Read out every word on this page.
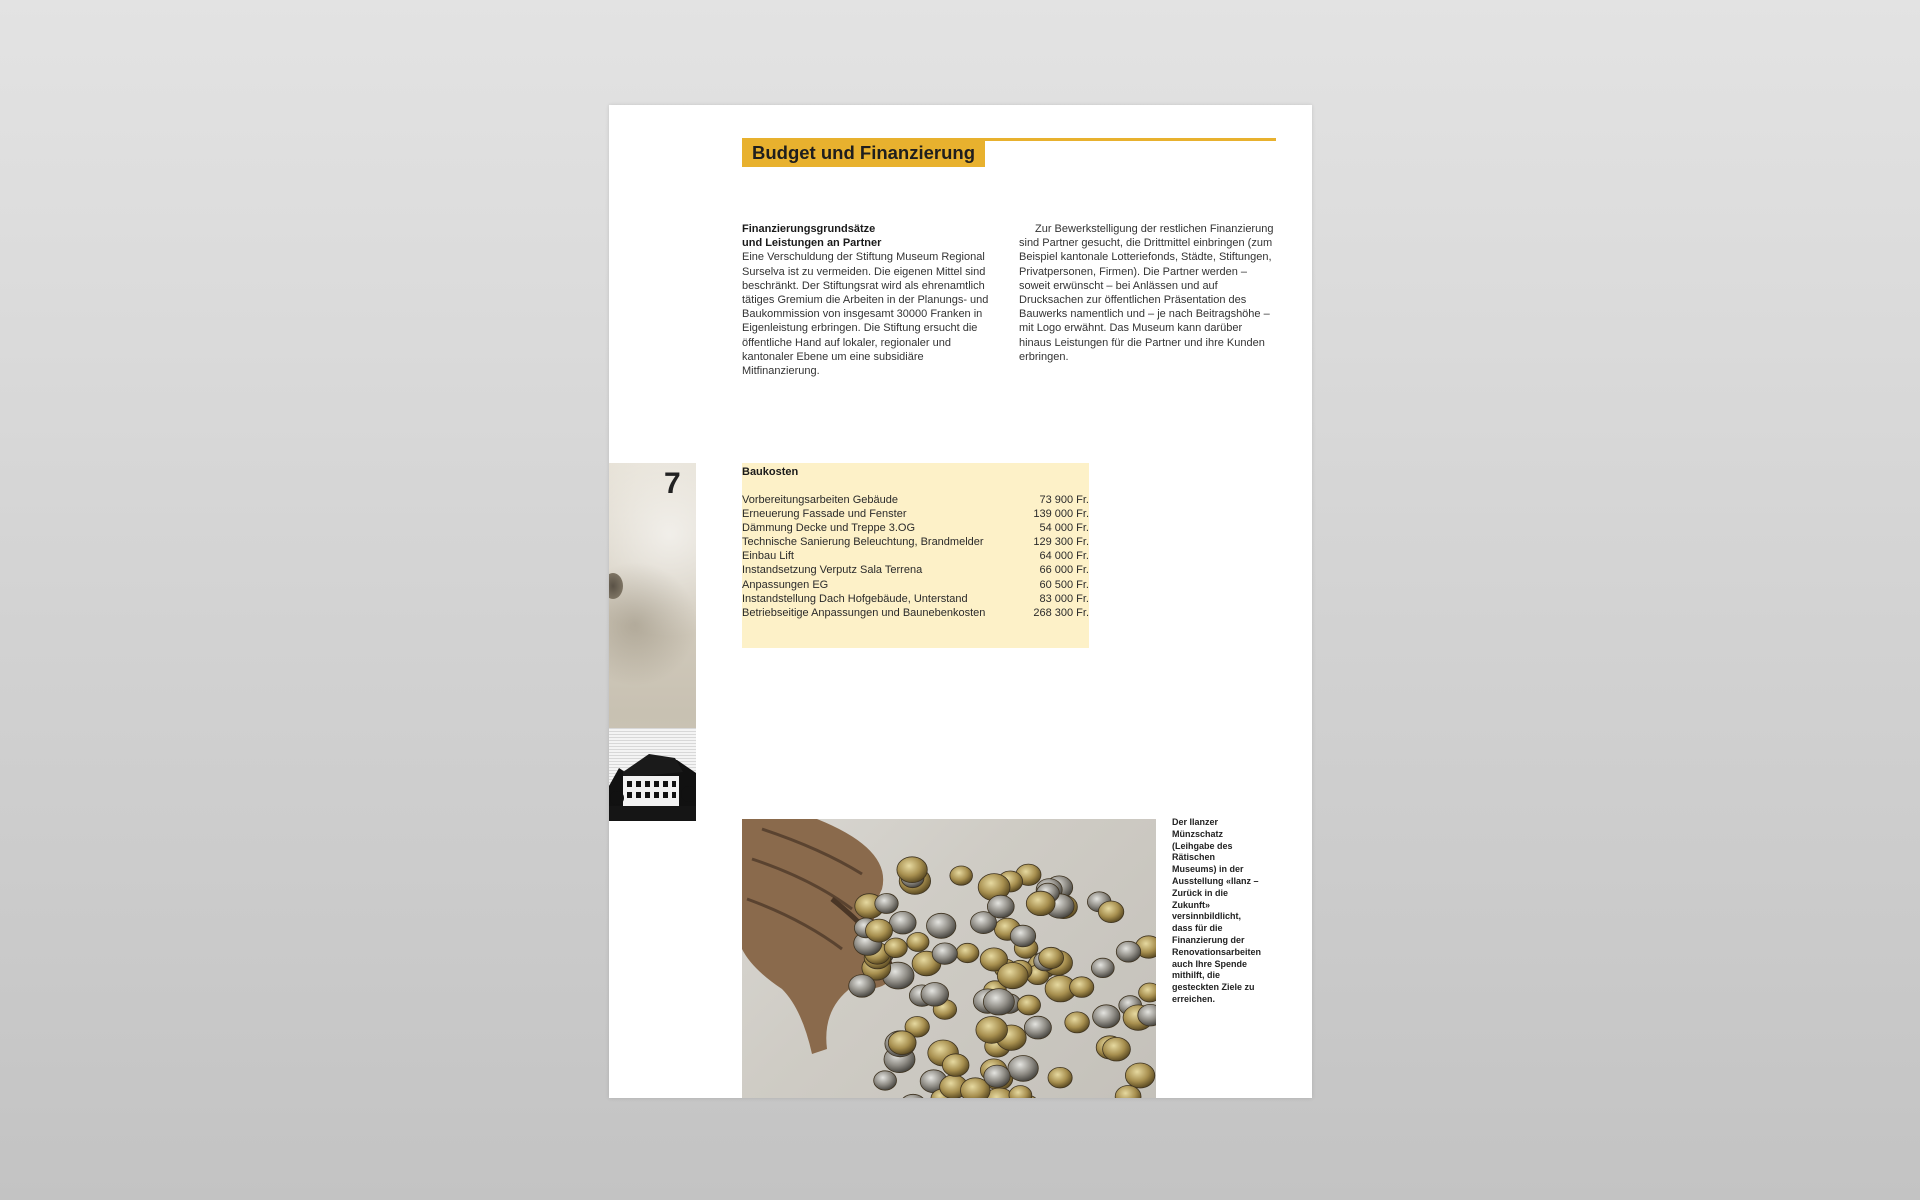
Budget und Finanzierung
Finanzierungsgrundsätze
und Leistungen an Partner
Eine Verschuldung der Stiftung Museum Regional Surselva ist zu vermeiden. Die eigenen Mittel sind beschränkt. Der Stiftungsrat wird als ehrenamtlich tätiges Gremium die Arbeiten in der Planungs- und Baukommission von insgesamt 30000 Franken in Eigenleistung erbringen. Die Stiftung ersucht die öffentliche Hand auf lokaler, regionaler und kantonaler Ebene um eine subsidiäre Mitfinanzierung.
Zur Bewerkstelligung der restlichen Finanzierung sind Partner gesucht, die Drittmittel einbringen (zum Beispiel kantonale Lotteriefonds, Städte, Stiftungen, Privatpersonen, Firmen). Die Partner werden – soweit erwünscht – bei Anlässen und auf Drucksachen zur öffentlichen Präsentation des Bauwerks namentlich und – je nach Beitragshöhe – mit Logo erwähnt. Das Museum kann darüber hinaus Leistungen für die Partner und ihre Kunden erbringen.
7	Baukosten
Vorbereitungsarbeiten Gebäude	73 900 Fr.
Erneuerung Fassade und Fenster	139 000 Fr.
Dämmung Decke und Treppe 3.OG	54 000 Fr.
Technische Sanierung Beleuchtung, Brandmelder	129 300 Fr.
Einbau Lift	64 000 Fr.
Instandsetzung Verputz Sala Terrena	66 000 Fr.
Anpassungen EG	60 500 Fr.
Instandstellung Dach Hofgebäude, Unterstand	83 000 Fr.
Betriebseitige Anpassungen und Baunebenkosten	268 300 Fr.
Der Ilanzer Münzschatz (Leihgabe des Rätischen Museums) in der Ausstellung «Ilanz – Zurück in die Zukunft» versinnbildlicht, dass für die Finanzierung der Renovationsarbeiten auch Ihre Spende mithilft, die gesteckten Ziele zu erreichen.
